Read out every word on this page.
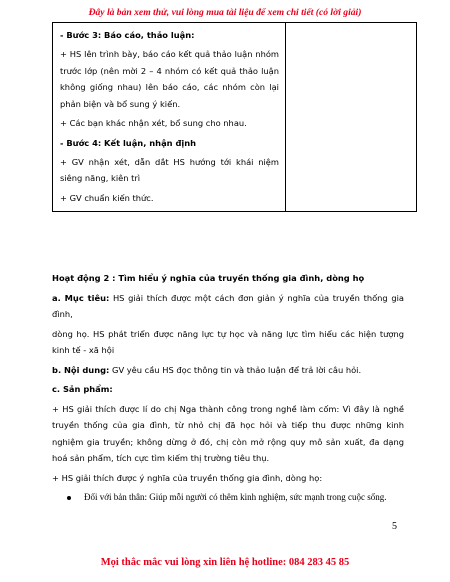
Đây là bản xem thử, vui lòng mua tài liệu để xem chi tiết (có lời giải)
- Bước 3: Báo cáo, thảo luận:
+ HS lên trình bày, báo cáo kết quả thảo luận nhóm trước lớp (nên mời 2 – 4 nhóm có kết quả thảo luận không giống nhau) lên báo cáo, các nhóm còn lại phản biện và bổ sung ý kiến.
+ Các bạn khác nhận xét, bổ sung cho nhau.
- Bước 4: Kết luận, nhận định
+ GV nhận xét, dẫn dắt HS hướng tới khái niệm siêng năng, kiên trì
+ GV chuẩn kiến thức.

Hoạt động 2 : Tìm hiểu ý nghĩa của truyền thống gia đình, dòng họ
a. Mục tiêu: HS giải thích được một cách đơn giản ý nghĩa của truyền thống gia đình,
dòng họ. HS phát triển được năng lực tự học và năng lực tìm hiểu các hiện tượng kinh tế - xã hội
b. Nội dung: GV yêu cầu HS đọc thông tin và thảo luận để trả lời câu hỏi.
c. Sản phẩm:
+ HS giải thích được lí do chị Nga thành công trong nghề làm cốm: Vì đây là nghề truyền thống của gia đình, từ nhỏ chị đã học hỏi và tiếp thu được những kinh nghiệm gia truyền; không dừng ở đó, chị còn mở rộng quy mô sản xuất, đa dạng hoá sản phẩm, tích cực tìm kiếm thị trường tiêu thụ.
+ HS giải thích được ý nghĩa của truyền thống gia đình, dòng họ:
Đối với bản thân: Giúp mỗi người có thêm kinh nghiệm, sức mạnh trong cuộc sống.
5
Mọi thắc mắc vui lòng xin liên hệ hotline: 084 283 45 85
